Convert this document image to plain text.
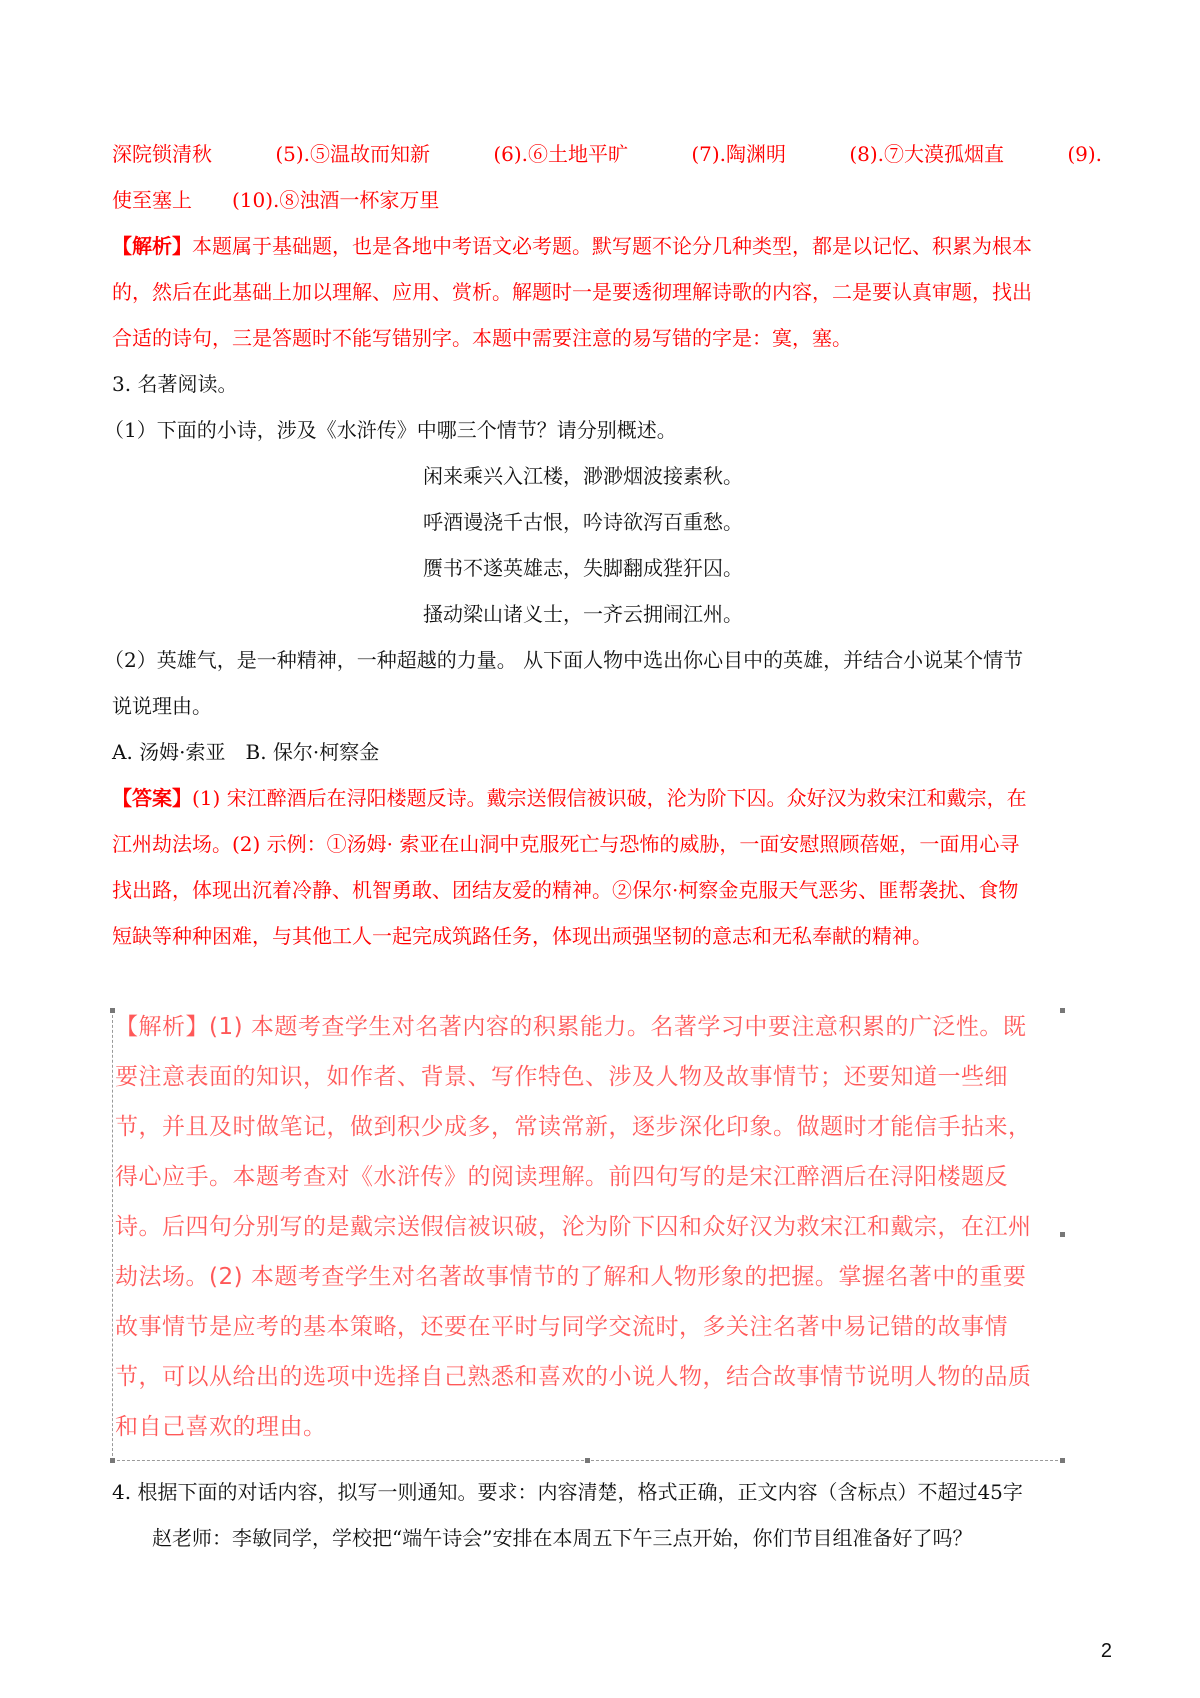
深院锁清秋	(5).⑤温故而知新	(6).⑥土地平旷	(7).陶渊明	(8).⑦大漠孤烟直	(9).
使至塞上　　(10).⑧浊酒一杯家万里
【解析】本题属于基础题，也是各地中考语文必考题。默写题不论分几种类型，都是以记忆、积累为根本
的，然后在此基础上加以理解、应用、赏析。解题时一是要透彻理解诗歌的内容，二是要认真审题，找出
合适的诗句，三是答题时不能写错别字。本题中需要注意的易写错的字是：寞，塞。
3. 名著阅读。
（1）下面的小诗，涉及《水浒传》中哪三个情节？请分别概述。
闲来乘兴入江楼，渺渺烟波接素秋。
呼酒谩浇千古恨，吟诗欲泻百重愁。
赝书不遂英雄志，失脚翻成狴犴囚。
搔动梁山诸义士，一齐云拥闹江州。
（2）英雄气，是一种精神，一种超越的力量。 从下面人物中选出你心目中的英雄，并结合小说某个情节
说说理由。
A. 汤姆·索亚　B. 保尔·柯察金
【答案】(1) 宋江醉酒后在浔阳楼题反诗。戴宗送假信被识破，沦为阶下囚。众好汉为救宋江和戴宗，在
江州劫法场。(2) 示例：①汤姆· 索亚在山洞中克服死亡与恐怖的威胁，一面安慰照顾蓓姬，一面用心寻
找出路，体现出沉着冷静、机智勇敢、团结友爱的精神。②保尔·柯察金克服天气恶劣、匪帮袭扰、食物
短缺等种种困难，与其他工人一起完成筑路任务，体现出顽强坚韧的意志和无私奉献的精神。
【解析】(1) 本题考查学生对名著内容的积累能力。名著学习中要注意积累的广泛性。既
要注意表面的知识，如作者、背景、写作特色、涉及人物及故事情节；还要知道一些细
节，并且及时做笔记，做到积少成多，常读常新，逐步深化印象。做题时才能信手拈来，
得心应手。本题考查对《水浒传》的阅读理解。前四句写的是宋江醉酒后在浔阳楼题反
诗。后四句分别写的是戴宗送假信被识破，沦为阶下囚和众好汉为救宋江和戴宗，在江州
劫法场。(2) 本题考查学生对名著故事情节的了解和人物形象的把握。掌握名著中的重要
故事情节是应考的基本策略，还要在平时与同学交流时，多关注名著中易记错的故事情
节，可以从给出的选项中选择自己熟悉和喜欢的小说人物，结合故事情节说明人物的品质
和自己喜欢的理由。
4. 根据下面的对话内容，拟写一则通知。要求：内容清楚，格式正确，正文内容（含标点）不超过45字
赵老师：李敏同学，学校把“端午诗会”安排在本周五下午三点开始，你们节目组准备好了吗？
2
